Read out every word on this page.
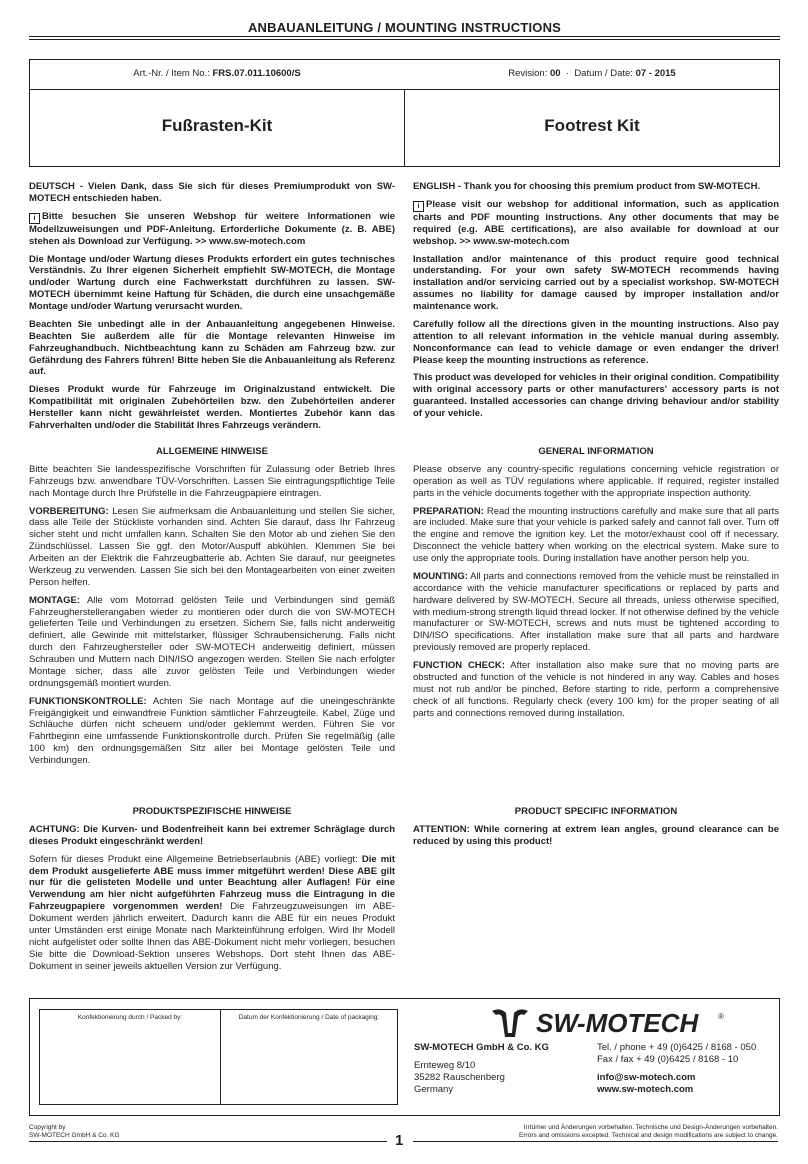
ANBAUANLEITUNG / MOUNTING INSTRUCTIONS
Art.-Nr. / Item No.: FRS.07.011.10600/S	Revision: 00 · Datum / Date: 07 - 2015
Fußrasten-Kit	Footrest Kit

DEUTSCH - Vielen Dank, dass Sie sich für dieses Premiumprodukt von SW-MOTECH entschieden haben.

i Bitte besuchen Sie unseren Webshop für weitere Informationen wie Modellzuweisungen und PDF-Anleitung. Erforderliche Dokumente (z. B. ABE) stehen als Download zur Verfügung. >> www.sw-motech.com

Die Montage und/oder Wartung dieses Produkts erfordert ein gutes technisches Verständnis. Zu Ihrer eigenen Sicherheit empfiehlt SW-MOTECH, die Montage und/oder Wartung durch eine Fachwerkstatt durchführen zu lassen. SW-MOTECH übernimmt keine Haftung für Schäden, die durch eine unsachgemäße Montage und/oder Wartung verursacht wurden.

Beachten Sie unbedingt alle in der Anbauanleitung angegebenen Hinweise. Beachten Sie außerdem alle für die Montage relevanten Hinweise im Fahrzeughandbuch. Nichtbeachtung kann zu Schäden am Fahrzeug bzw. zur Gefährdung des Fahrers führen! Bitte heben Sie die Anbauanleitung als Referenz auf.

Dieses Produkt wurde für Fahrzeuge im Originalzustand entwickelt. Die Kompatibilität mit originalen Zubehörteilen bzw. den Zubehörteilen anderer Hersteller kann nicht gewährleistet werden. Montiertes Zubehör kann das Fahrverhalten und/oder die Stabilität Ihres Fahrzeugs verändern.

ENGLISH - Thank you for choosing this premium product from SW-MOTECH.

i Please visit our webshop for additional information, such as application charts and PDF mounting instructions. Any other documents that may be required (e.g. ABE certifications), are also available for download at our webshop. >> www.sw-motech.com

Installation and/or maintenance of this product require good technical understanding. For your own safety SW-MOTECH recommends having installation and/or servicing carried out by a specialist workshop. SW-MOTECH assumes no liability for damage caused by improper installation and/or maintenance work.

Carefully follow all the directions given in the mounting instructions. Also pay attention to all relevant information in the vehicle manual during assembly. Nonconformance can lead to vehicle damage or even endanger the driver! Please keep the mounting instructions as reference.

This product was developed for vehicles in their original condition. Compatibility with original accessory parts or other manufacturers' accessory parts is not guaranteed. Installed accessories can change driving behaviour and/or stability of your vehicle.

ALLGEMEINE HINWEISE

Bitte beachten Sie landesspezifische Vorschriften für Zulassung oder Betrieb Ihres Fahrzeugs bzw. anwendbare TÜV-Vorschriften. Lassen Sie eintragungspflichtige Teile nach Montage durch Ihre Prüfstelle in die Fahrzeugpapiere eintragen.

VORBEREITUNG: Lesen Sie aufmerksam die Anbauanleitung und stellen Sie sicher, dass alle Teile der Stückliste vorhanden sind. Achten Sie darauf, dass Ihr Fahrzeug sicher steht und nicht umfallen kann. Schalten Sie den Motor ab und ziehen Sie den Zündschlüssel. Lassen Sie ggf. den Motor/Auspuff abkühlen. Klemmen Sie bei Arbeiten an der Elektrik die Fahrzeugbatterie ab. Achten Sie darauf, nur geeignetes Werkzeug zu verwenden. Lassen Sie sich bei den Montagearbeiten von einer zweiten Person helfen.

MONTAGE: Alle vom Motorrad gelösten Teile und Verbindungen sind gemäß Fahrzeugherstellerangaben wieder zu montieren oder durch die von SW-MOTECH gelieferten Teile und Verbindungen zu ersetzen. Sichern Sie, falls nicht anderweitig definiert, alle Gewinde mit mittelstarker, flüssiger Schraubensicherung. Falls nicht durch den Fahrzeughersteller oder SW-MOTECH anderweitig definiert, müssen Schrauben und Muttern nach DIN/ISO angezogen werden. Stellen Sie nach erfolgter Montage sicher, dass alle zuvor gelösten Teile und Verbindungen wieder ordnungsgemäß montiert wurden.

FUNKTIONSKONTROLLE: Achten Sie nach Montage auf die uneingeschränkte Freigängigkeit und einwandfreie Funktion sämtlicher Fahrzeugteile. Kabel, Züge und Schläuche dürfen nicht scheuern und/oder geklemmt werden. Führen Sie vor Fahrtbeginn eine umfassende Funktionskontrolle durch. Prüfen Sie regelmäßig (alle 100 km) den ordnungsgemäßen Sitz aller bei Montage gelösten Teile und Verbindungen.

GENERAL INFORMATION

Please observe any country-specific regulations concerning vehicle registration or operation as well as TÜV regulations where applicable. If required, register installed parts in the vehicle documents together with the appropriate inspection authority.

PREPARATION: Read the mounting instructions carefully and make sure that all parts are included. Make sure that your vehicle is parked safely and cannot fall over. Turn off the engine and remove the ignition key. Let the motor/exhaust cool off if necessary. Disconnect the vehicle battery when working on the electrical system. Make sure to use only the appropriate tools. During installation have another person help you.

MOUNTING: All parts and connections removed from the vehicle must be reinstalled in accordance with the vehicle manufacturer specifications or replaced by parts and hardware delivered by SW-MOTECH. Secure all threads, unless otherwise specified, with medium-strong strength liquid thread locker. If not otherwise defined by the vehicle manufacturer or SW-MOTECH, screws and nuts must be tightened according to DIN/ISO specifications. After installation make sure that all parts and hardware previously removed are properly replaced.

FUNCTION CHECK: After installation also make sure that no moving parts are obstructed and function of the vehicle is not hindered in any way. Cables and hoses must not rub and/or be pinched. Before starting to ride, perform a comprehensive check of all functions. Regularly check (every 100 km) for the proper seating of all parts and connections removed during installation.

PRODUKTSPEZIFISCHE HINWEISE

ACHTUNG: Die Kurven- und Bodenfreiheit kann bei extremer Schräglage durch dieses Produkt eingeschränkt werden!

Sofern für dieses Produkt eine Allgemeine Betriebserlaubnis (ABE) vorliegt: Die mit dem Produkt ausgelieferte ABE muss immer mitgeführt werden! Diese ABE gilt nur für die gelisteten Modelle und unter Beachtung aller Auflagen! Für eine Verwendung am hier nicht aufgeführten Fahrzeug muss die Eintragung in die Fahrzeugpapiere vorgenommen werden! Die Fahrzeugzuweisungen im ABE-Dokument werden jährlich erweitert. Dadurch kann die ABE für ein neues Produkt unter Umständen erst einige Monate nach Markteinführung erfolgen. Wird Ihr Modell nicht aufgelistet oder sollte Ihnen das ABE-Dokument nicht mehr vorliegen, besuchen Sie bitte die Download-Sektion unseres Webshops. Dort steht Ihnen das ABE-Dokument in seiner jeweils aktuellen Version zur Verfügung.

PRODUCT SPECIFIC INFORMATION

ATTENTION: While cornering at extrem lean angles, ground clearance can be reduced by using this product!

Konfektionierung durch / Packed by:	Datum der Konfektionierung / Date of packaging:	SW-MOTECH ®
SW-MOTECH GmbH & Co. KG
Ernteweg 8/10
35282 Rauschenberg
Germany
Tel. / phone + 49 (0)6425 / 8168 - 050
Fax / fax + 49 (0)6425 / 8168 - 10
info@sw-motech.com
www.sw-motech.com
Copyright by
SW-MOTECH GmbH & Co. KG
Irrtümer und Änderungen vorbehalten. Technische und Design-Änderungen vorbehalten.
Errors and omissions excepted. Technical and design modifications are subject to change.
1
